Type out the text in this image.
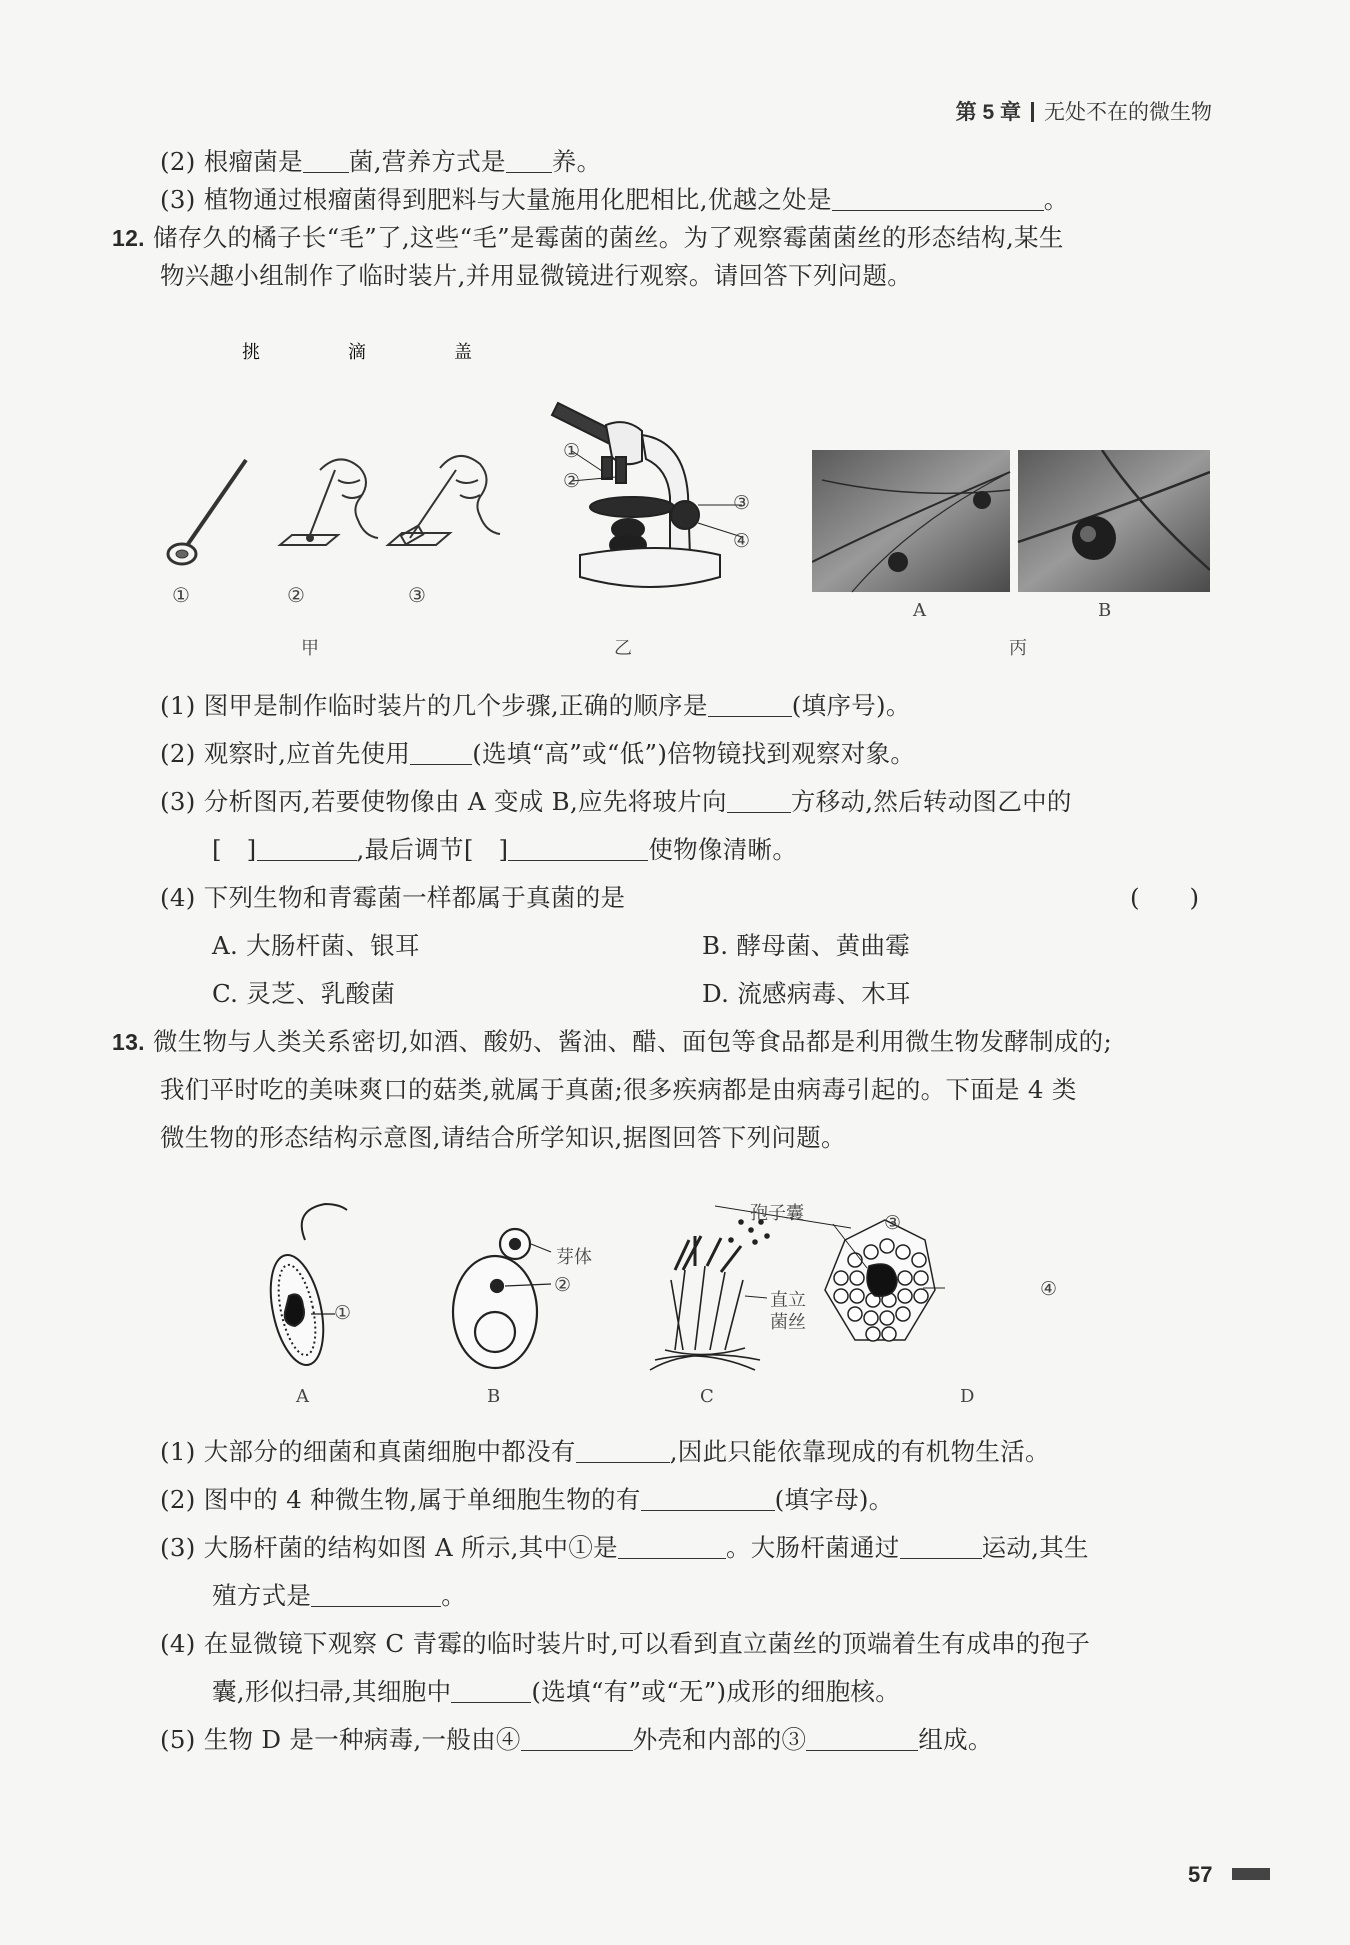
第 5 章 无处不在的微生物
(2) 根瘤菌是 菌,营养方式是 养。
(3) 植物通过根瘤菌得到肥料与大量施用化肥相比,优越之处是	。
12. 储存久的橘子长“毛”了,这些“毛”是霉菌的菌丝。为了观察霉菌菌丝的形态结构,某生
物兴趣小组制作了临时装片,并用显微镜进行观察。请回答下列问题。
挑	滴	盖
①	②	③
甲
①
②
③
④
乙
A	B
丙
(1) 图甲是制作临时装片的几个步骤,正确的顺序是	(填序号)。
(2) 观察时,应首先使用	(选填“高”或“低”)倍物镜找到观察对象。
(3) 分析图丙,若要使物像由 A 变成 B,应先将玻片向	方移动,然后转动图乙中的
[　]	,最后调节[　]	使物像清晰。
(4) 下列生物和青霉菌一样都属于真菌的是	(　　)
A. 大肠杆菌、银耳	B. 酵母菌、黄曲霉
C. 灵芝、乳酸菌	D. 流感病毒、木耳
13. 微生物与人类关系密切,如酒、酸奶、酱油、醋、面包等食品都是利用微生物发酵制成的;
我们平时吃的美味爽口的菇类,就属于真菌;很多疾病都是由病毒引起的。下面是 4 类
微生物的形态结构示意图,请结合所学知识,据图回答下列问题。
①
芽体
②
孢子囊
直立
菌丝
③
④
A	B	C	D
(1) 大部分的细菌和真菌细胞中都没有	,因此只能依靠现成的有机物生活。
(2) 图中的 4 种微生物,属于单细胞生物的有	(填字母)。
(3) 大肠杆菌的结构如图 A 所示,其中①是	。大肠杆菌通过	运动,其生
殖方式是	。
(4) 在显微镜下观察 C 青霉的临时装片时,可以看到直立菌丝的顶端着生有成串的孢子
囊,形似扫帚,其细胞中	(选填“有”或“无”)成形的细胞核。
(5) 生物 D 是一种病毒,一般由④	外壳和内部的③	组成。
57
